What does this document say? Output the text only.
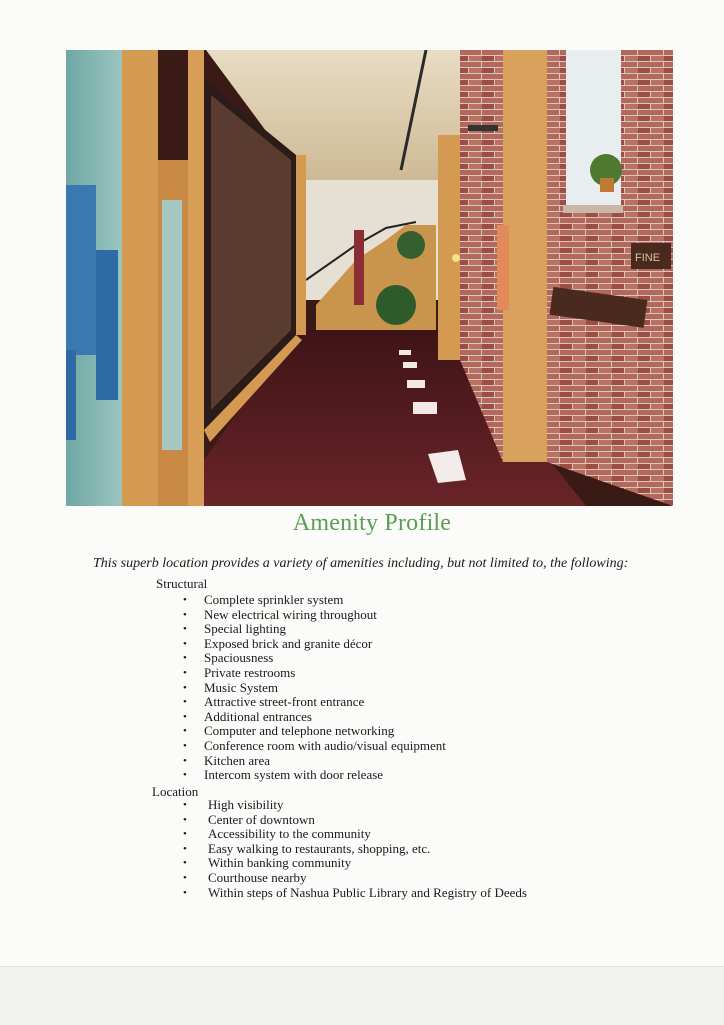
FINE
Amenity Profile
This superb location provides a variety of amenities including, but not limited to, the following:
Structural
• Complete sprinkler system
• New electrical wiring throughout
• Special lighting
• Exposed brick and granite décor
• Spaciousness
• Private restrooms
• Music System
• Attractive street-front entrance
• Additional entrances
• Computer and telephone networking
• Conference room with audio/visual equipment
• Kitchen area
• Intercom system with door release
Location
• High visibility
• Center of downtown
• Accessibility to the community
• Easy walking to restaurants, shopping, etc.
• Within banking community
• Courthouse nearby
• Within steps of Nashua Public Library and Registry of Deeds
